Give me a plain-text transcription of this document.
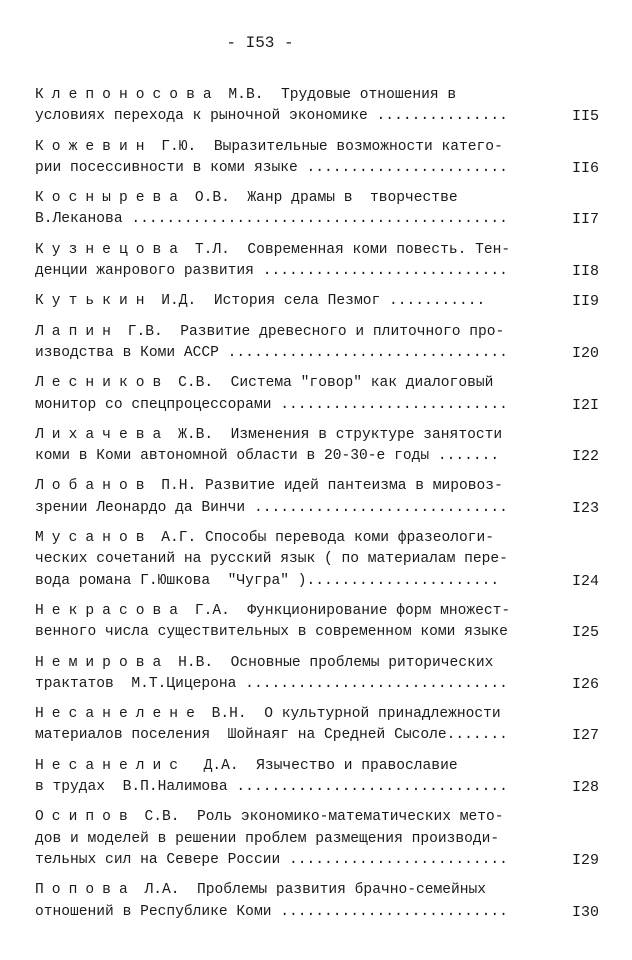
- I53 -
Клепоносова М.В.  Трудовые отношения в
условиях перехода к рыночной экономике ...............	II5
Кожевин Г.Ю.  Выразительные возможности катего-
рии посессивности в коми языке .......................	II6
Коснырева О.В.  Жанр драмы в  творчестве
В.Леканова ...........................................	II7
Кузнецова Т.Л.  Современная коми повесть. Тен-
денции жанрового развития ............................	II8
Кутькин И.Д.  История села Пезмог ...........	II9
Лапин Г.В.  Развитие древесного и плиточного про-
изводства в Коми АССР ................................	I20
Лесников С.В.  Система "говор" как диалоговый
монитор со спецпроцессорами ..........................	I2I
Лихачева Ж.В.  Изменения в структуре занятости
коми в Коми автономной области в 20-30-е годы .......	I22
Лобанов П.Н. Развитие идей пантеизма в мировоз-
зрении Леонардо да Винчи .............................	I23
Мусанов А.Г. Способы перевода коми фразеологи-
ческих сочетаний на русский язык ( по материалам пере-
вода романа Г.Юшкова  "Чугра" )......................	I24
Некрасова Г.А.  Функционирование форм множест-
венного числа существительных в современном коми языке	I25
Немирова Н.В.  Основные проблемы риторических
трактатов  М.Т.Цицерона ..............................	I26
Несанелене В.Н.  О культурной принадлежности
материалов поселения  Шойнаяг на Средней Сысоле.......	I27
Несанелис  Д.А.  Язычество и православие
в трудах  В.П.Налимова ...............................	I28
Осипов С.В.  Роль экономико-математических мето-
дов и моделей в решении проблем размещения производи-
тельных сил на Севере России .........................	I29
Попова Л.А.  Проблемы развития брачно-семейных
отношений в Республике Коми ..........................	I30
